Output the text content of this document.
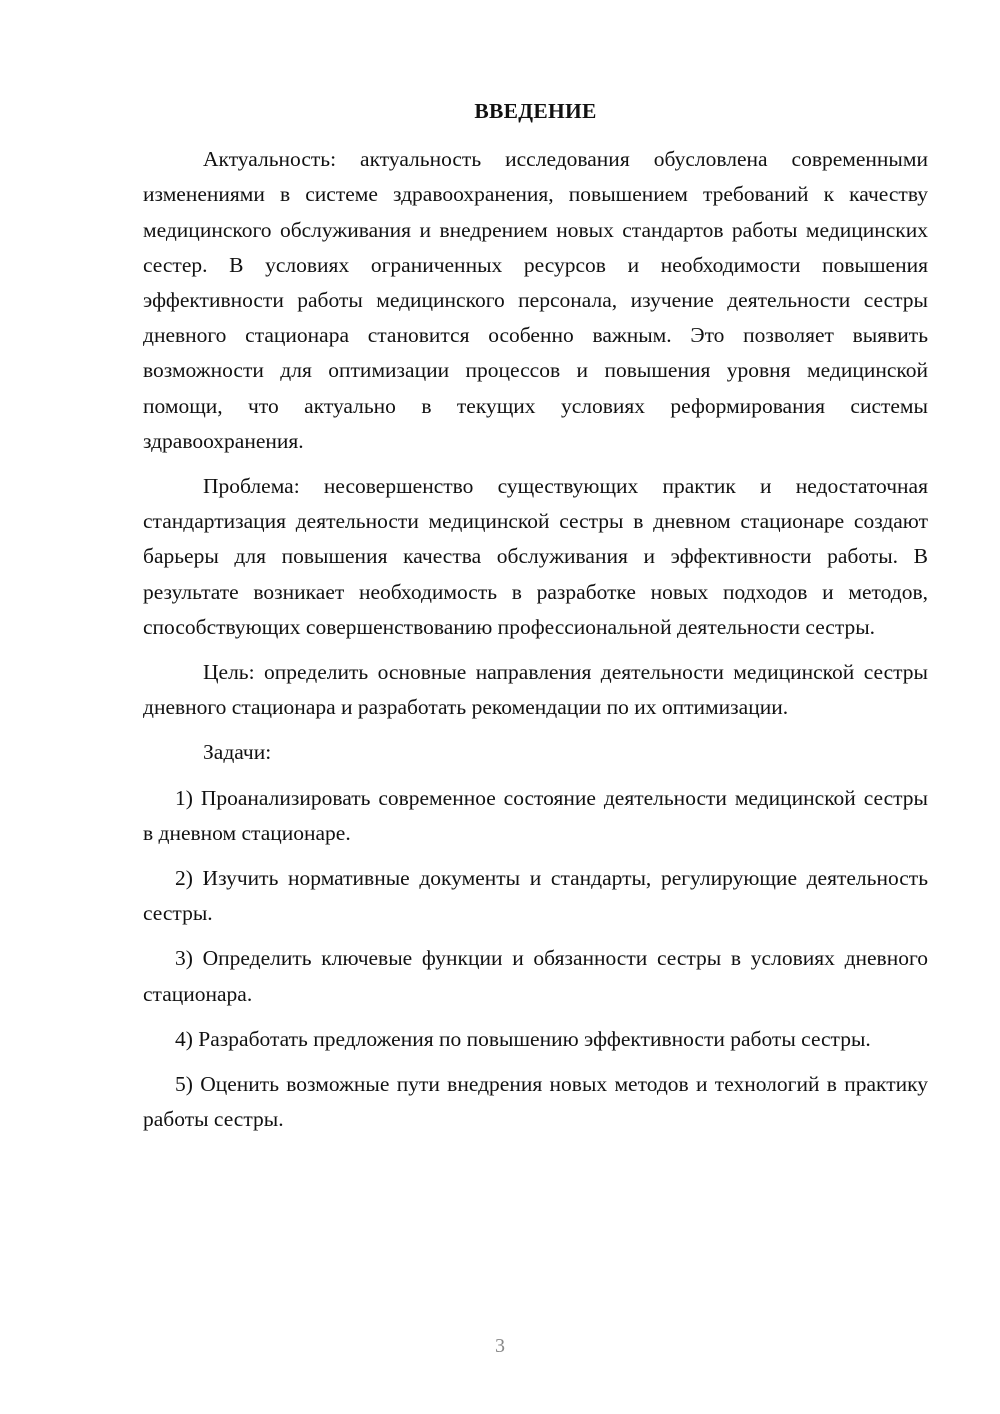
ВВЕДЕНИЕ

Актуальность: актуальность исследования обусловлена современными изменениями в системе здравоохранения, повышением требований к качеству медицинского обслуживания и внедрением новых стандартов работы медицинских сестер. В условиях ограниченных ресурсов и необходимости повышения эффективности работы медицинского персонала, изучение деятельности сестры дневного стационара становится особенно важным. Это позволяет выявить возможности для оптимизации процессов и повышения уровня медицинской помощи, что актуально в текущих условиях реформирования системы здравоохранения.

Проблема: несовершенство существующих практик и недостаточная стандартизация деятельности медицинской сестры в дневном стационаре создают барьеры для повышения качества обслуживания и эффективности работы. В результате возникает необходимость в разработке новых подходов и методов, способствующих совершенствованию профессиональной деятельности сестры.

Цель: определить основные направления деятельности медицинской сестры дневного стационара и разработать рекомендации по их оптимизации.

Задачи:

1) Проанализировать современное состояние деятельности медицинской сестры в дневном стационаре.

2) Изучить нормативные документы и стандарты, регулирующие деятельность сестры.

3) Определить ключевые функции и обязанности сестры в условиях дневного стационара.

4) Разработать предложения по повышению эффективности работы сестры.

5) Оценить возможные пути внедрения новых методов и технологий в практику работы сестры.

3
